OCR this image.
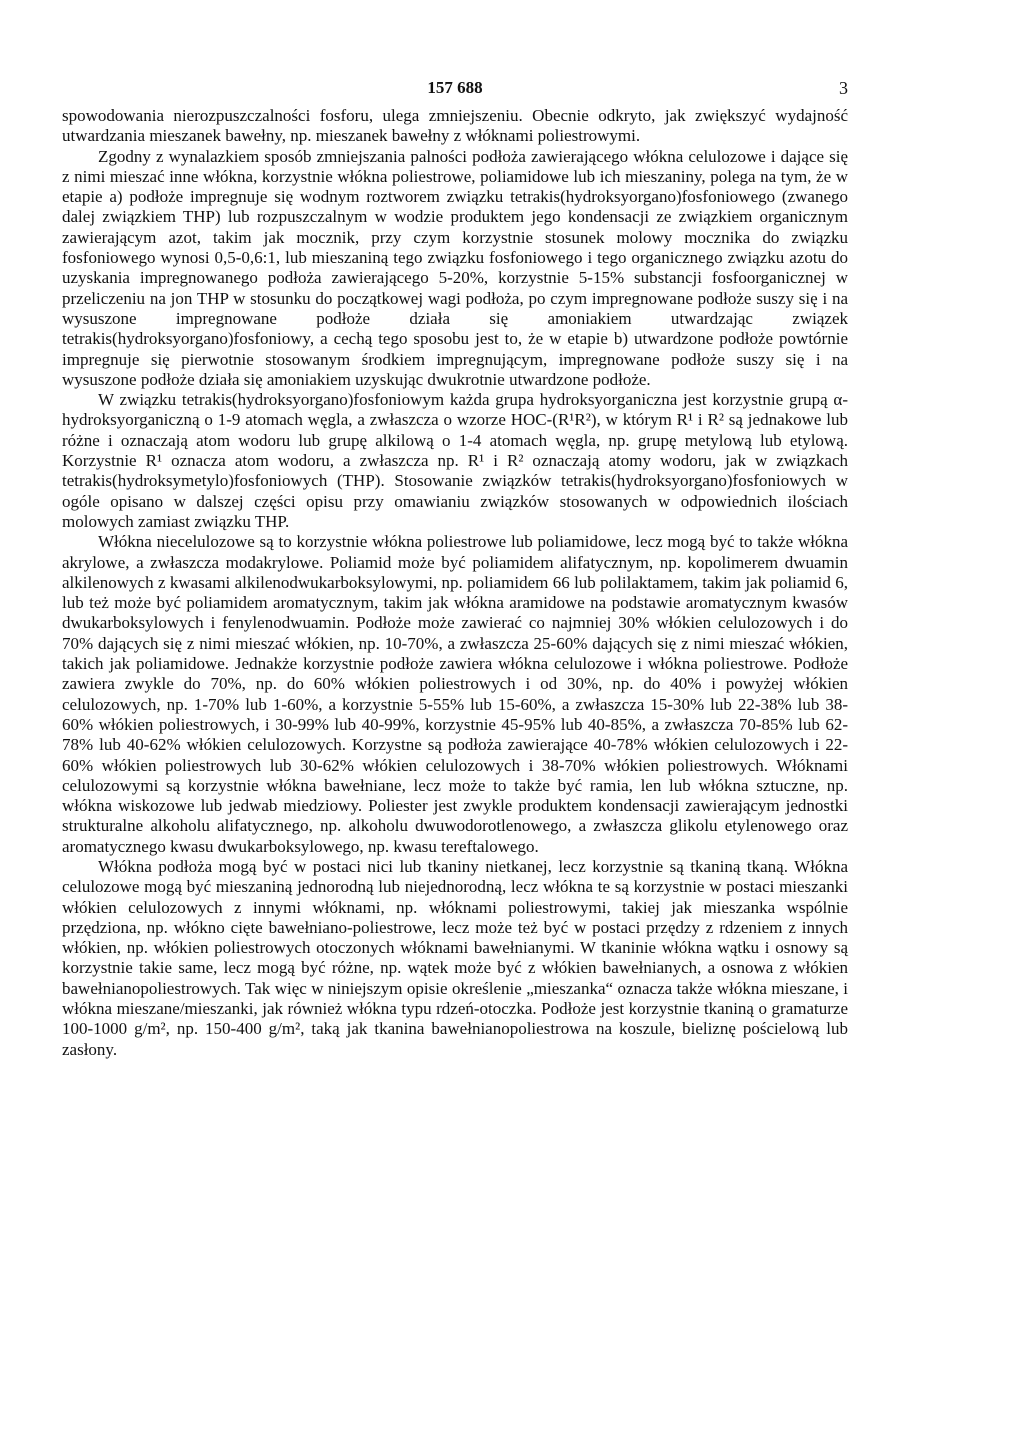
157 688	3

spowodowania nierozpuszczalności fosforu, ulega zmniejszeniu. Obecnie odkryto, jak zwiększyć wydajność utwardzania mieszanek bawełny, np. mieszanek bawełny z włóknami poliestrowymi.

Zgodny z wynalazkiem sposób zmniejszania palności podłoża zawierającego włókna celulozowe i dające się z nimi mieszać inne włókna, korzystnie włókna poliestrowe, poliamidowe lub ich mieszaniny, polega na tym, że w etapie a) podłoże impregnuje się wodnym roztworem związku tetrakis(hydroksyorgano)fosfoniowego (zwanego dalej związkiem THP) lub rozpuszczalnym w wodzie produktem jego kondensacji ze związkiem organicznym zawierającym azot, takim jak mocznik, przy czym korzystnie stosunek molowy mocznika do związku fosfoniowego wynosi 0,5-0,6:1, lub mieszaniną tego związku fosfoniowego i tego organicznego związku azotu do uzyskania impregnowanego podłoża zawierającego 5-20%, korzystnie 5-15% substancji fosfoorganicznej w przeliczeniu na jon THP w stosunku do początkowej wagi podłoża, po czym impregnowane podłoże suszy się i na wysuszone impregnowane podłoże działa się amoniakiem utwardzając związek tetrakis(hydroksyorgano)fosfoniowy, a cechą tego sposobu jest to, że w etapie b) utwardzone podłoże powtórnie impregnuje się pierwotnie stosowanym środkiem impregnującym, impregnowane podłoże suszy się i na wysuszone podłoże działa się amoniakiem uzyskując dwukrotnie utwardzone podłoże.

W związku tetrakis(hydroksyorgano)fosfoniowym każda grupa hydroksyorganiczna jest korzystnie grupą α-hydroksyorganiczną o 1-9 atomach węgla, a zwłaszcza o wzorze HOC-(R¹R²), w którym R¹ i R² są jednakowe lub różne i oznaczają atom wodoru lub grupę alkilową o 1-4 atomach węgla, np. grupę metylową lub etylową. Korzystnie R¹ oznacza atom wodoru, a zwłaszcza np. R¹ i R² oznaczają atomy wodoru, jak w związkach tetrakis(hydroksymetylo)fosfoniowych (THP). Stosowanie związków tetrakis(hydroksyorgano)fosfoniowych w ogóle opisano w dalszej części opisu przy omawianiu związków stosowanych w odpowiednich ilościach molowych zamiast związku THP.

Włókna niecelulozowe są to korzystnie włókna poliestrowe lub poliamidowe, lecz mogą być to także włókna akrylowe, a zwłaszcza modakrylowe. Poliamid może być poliamidem alifatycznym, np. kopolimerem dwuamin alkilenowych z kwasami alkilenodwukarboksylowymi, np. poliamidem 66 lub polilaktamem, takim jak poliamid 6, lub też może być poliamidem aromatycznym, takim jak włókna aramidowe na podstawie aromatycznym kwasów dwukarboksylowych i fenylenodwuamin. Podłoże może zawierać co najmniej 30% włókien celulozowych i do 70% dających się z nimi mieszać włókien, np. 10-70%, a zwłaszcza 25-60% dających się z nimi mieszać włókien, takich jak poliamidowe. Jednakże korzystnie podłoże zawiera włókna celulozowe i włókna poliestrowe. Podłoże zawiera zwykle do 70%, np. do 60% włókien poliestrowych i od 30%, np. do 40% i powyżej włókien celulozowych, np. 1-70% lub 1-60%, a korzystnie 5-55% lub 15-60%, a zwłaszcza 15-30% lub 22-38% lub 38-60% włókien poliestrowych, i 30-99% lub 40-99%, korzystnie 45-95% lub 40-85%, a zwłaszcza 70-85% lub 62-78% lub 40-62% włókien celulozowych. Korzystne są podłoża zawierające 40-78% włókien celulozowych i 22-60% włókien poliestrowych lub 30-62% włókien celulozowych i 38-70% włókien poliestrowych. Włóknami celulozowymi są korzystnie włókna bawełniane, lecz może to także być ramia, len lub włókna sztuczne, np. włókna wiskozowe lub jedwab miedziowy. Poliester jest zwykle produktem kondensacji zawierającym jednostki strukturalne alkoholu alifatycznego, np. alkoholu dwuwodorotlenowego, a zwłaszcza glikolu etylenowego oraz aromatycznego kwasu dwukarboksylowego, np. kwasu tereftalowego.

Włókna podłoża mogą być w postaci nici lub tkaniny nietkanej, lecz korzystnie są tkaniną tkaną. Włókna celulozowe mogą być mieszaniną jednorodną lub niejednorodną, lecz włókna te są korzystnie w postaci mieszanki włókien celulozowych z innymi włóknami, np. włóknami poliestrowymi, takiej jak mieszanka wspólnie przędziona, np. włókno cięte bawełniano-poliestrowe, lecz może też być w postaci przędzy z rdzeniem z innych włókien, np. włókien poliestrowych otoczonych włóknami bawełnianymi. W tkaninie włókna wątku i osnowy są korzystnie takie same, lecz mogą być różne, np. wątek może być z włókien bawełnianych, a osnowa z włókien bawełnianopoliestrowych. Tak więc w niniejszym opisie określenie „mieszanka“ oznacza także włókna mieszane, i włókna mieszane/mieszanki, jak również włókna typu rdzeń-otoczka. Podłoże jest korzystnie tkaniną o gramaturze 100-1000 g/m², np. 150-400 g/m², taką jak tkanina bawełnianopoliestrowa na koszule, bieliznę pościelową lub zasłony.
